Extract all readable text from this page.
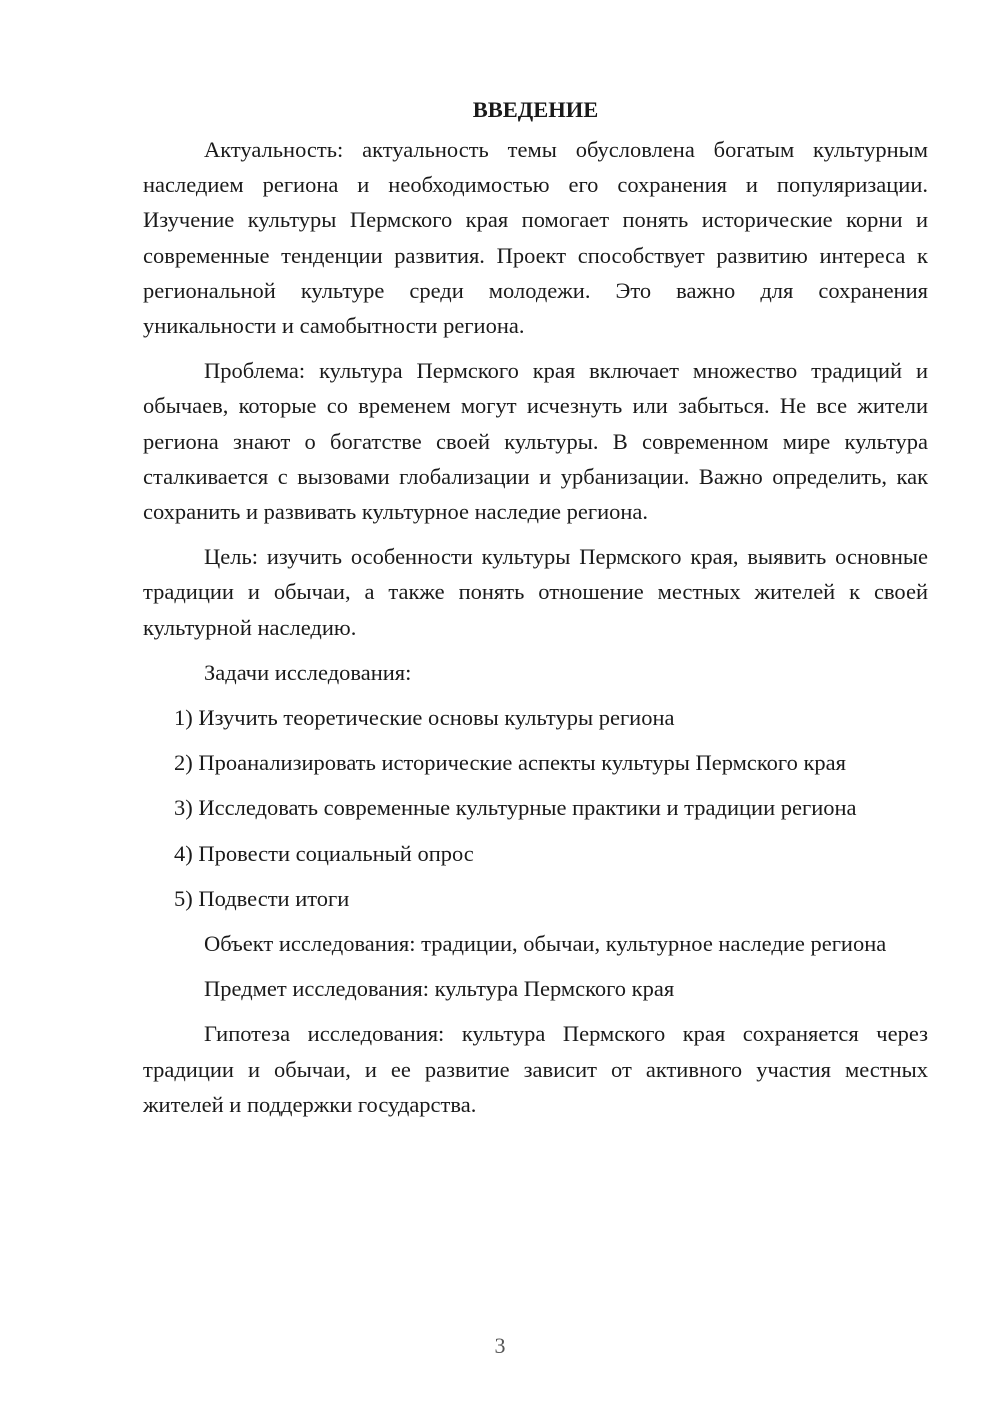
ВВЕДЕНИЕ

Актуальность: актуальность темы обусловлена богатым культурным наследием региона и необходимостью его сохранения и популяризации. Изучение культуры Пермского края помогает понять исторические корни и современные тенденции развития. Проект способствует развитию интереса к региональной культуре среди молодежи. Это важно для сохранения уникальности и самобытности региона.

Проблема: культура Пермского края включает множество традиций и обычаев, которые со временем могут исчезнуть или забыться. Не все жители региона знают о богатстве своей культуры. В современном мире культура сталкивается с вызовами глобализации и урбанизации. Важно определить, как сохранить и развивать культурное наследие региона.

Цель: изучить особенности культуры Пермского края, выявить основные традиции и обычаи, а также понять отношение местных жителей к своей культурной наследию.

Задачи исследования:

1) Изучить теоретические основы культуры региона

2) Проанализировать исторические аспекты культуры Пермского края

3) Исследовать современные культурные практики и традиции региона

4) Провести социальный опрос

5) Подвести итоги

Объект исследования: традиции, обычаи, культурное наследие региона

Предмет исследования: культура Пермского края

Гипотеза исследования: культура Пермского края сохраняется через традиции и обычаи, и ее развитие зависит от активного участия местных жителей и поддержки государства.

3
